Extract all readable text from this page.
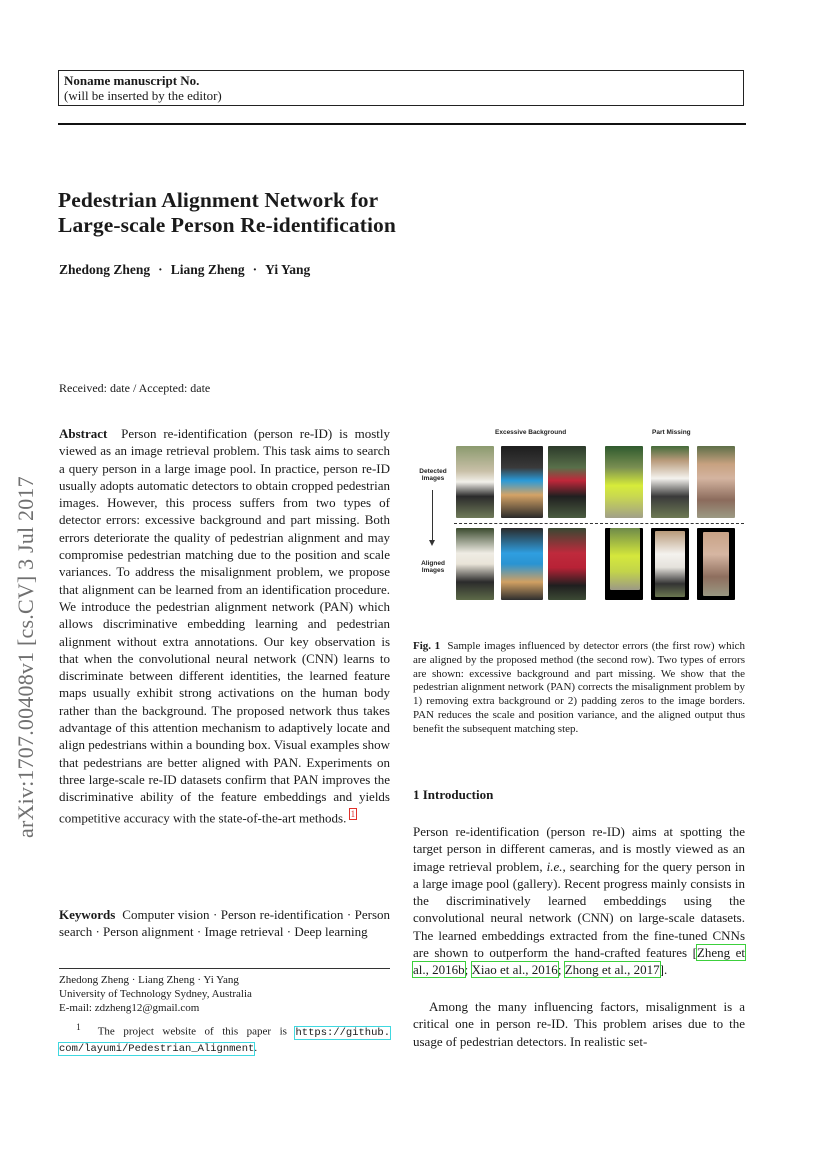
Noname manuscript No.
(will be inserted by the editor)
Pedestrian Alignment Network for
Large-scale Person Re-identification
Zhedong Zheng · Liang Zheng · Yi Yang
arXiv:1707.00408v1 [cs.CV] 3 Jul 2017
Received: date / Accepted: date
Abstract Person re-identification (person re-ID) is mostly viewed as an image retrieval problem. This task aims to search a query person in a large image pool. In practice, person re-ID usually adopts automatic detectors to obtain cropped pedestrian images. However, this process suffers from two types of detector errors: excessive background and part missing. Both errors deteriorate the quality of pedestrian alignment and may compromise pedestrian matching due to the position and scale variances. To address the misalignment problem, we propose that alignment can be learned from an identification procedure. We introduce the pedestrian alignment network (PAN) which allows discriminative embedding learning and pedestrian alignment without extra annotations. Our key observation is that when the convolutional neural network (CNN) learns to discriminate between different identities, the learned feature maps usually exhibit strong activations on the human body rather than the background. The proposed network thus takes advantage of this attention mechanism to adaptively locate and align pedestrians within a bounding box. Visual examples show that pedestrians are better aligned with PAN. Experiments on three large-scale re-ID datasets confirm that PAN improves the discriminative ability of the feature embeddings and yields competitive accuracy with the state-of-the-art methods. $^1$
Keywords Computer vision · Person re-identification · Person search · Person alignment · Image retrieval · Deep learning
Zhedong Zheng · Liang Zheng · Yi Yang
University of Technology Sydney, Australia
E-mail: zdzheng12@gmail.com
$^1$ The project website of this paper is https://github. com/layumi/Pedestrian_Alignment.
Excessive Background	Part Missing
Detected
Images
Aligned
Images
Fig. 1 Sample images influenced by detector errors (the first row) which are aligned by the proposed method (the second row). Two types of errors are shown: excessive background and part missing. We show that the pedestrian alignment network (PAN) corrects the misalignment problem by 1) removing extra background or 2) padding zeros to the image borders. PAN reduces the scale and position variance, and the aligned output thus benefit the subsequent matching step.
1 Introduction
Person re-identification (person re-ID) aims at spotting the target person in different cameras, and is mostly viewed as an image retrieval problem, i.e., searching for the query person in a large image pool (gallery). Recent progress mainly consists in the discriminatively learned embeddings using the convolutional neural network (CNN) on large-scale datasets. The learned embeddings extracted from the fine-tuned CNNs are shown to outperform the hand-crafted features [Zheng et al., 2016b; Xiao et al., 2016; Zhong et al., 2017].
Among the many influencing factors, misalignment is a critical one in person re-ID. This problem arises due to the usage of pedestrian detectors. In realistic set-
